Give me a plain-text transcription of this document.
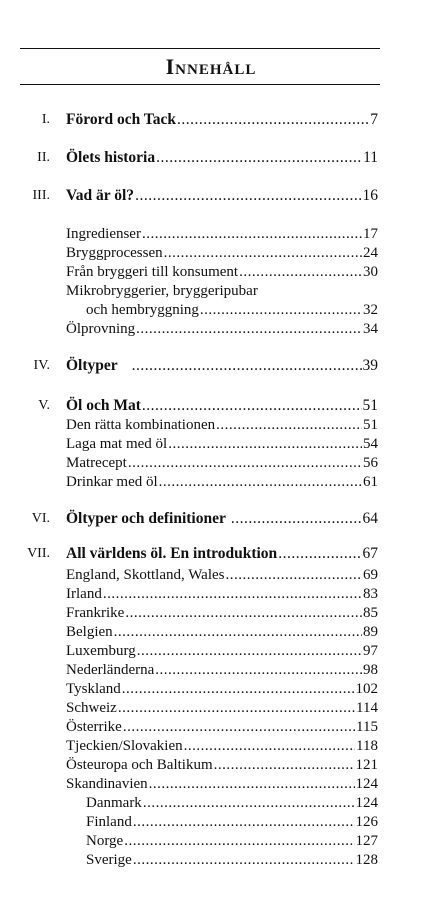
Innehåll
I. Förord och Tack .....	7
II. Ölets historia .....	11
III. Vad är öl? .....	16
Ingredienser .....	17
Bryggprocessen .....	24
Från bryggeri till konsument .....	30
Mikrobryggerier, bryggeripubar
och hembryggning .....	32
Ölprovning .....	34
IV. Öltyper .....	39
V. Öl och Mat .....	51
Den rätta kombinationen .....	51
Laga mat med öl .....	54
Matrecept .....	56
Drinkar med öl .....	61
VI. Öltyper och definitioner .....	64
VII. All världens öl. En introduktion .....	67
England, Skottland, Wales .....	69
Irland .....	83
Frankrike .....	85
Belgien .....	89
Luxemburg .....	97
Nederländerna .....	98
Tyskland .....	102
Schweiz .....	114
Österrike .....	115
Tjeckien/Slovakien .....	118
Östeuropa och Baltikum .....	121
Skandinavien .....	124
Danmark .....	124
Finland .....	126
Norge .....	127
Sverige .....	128
